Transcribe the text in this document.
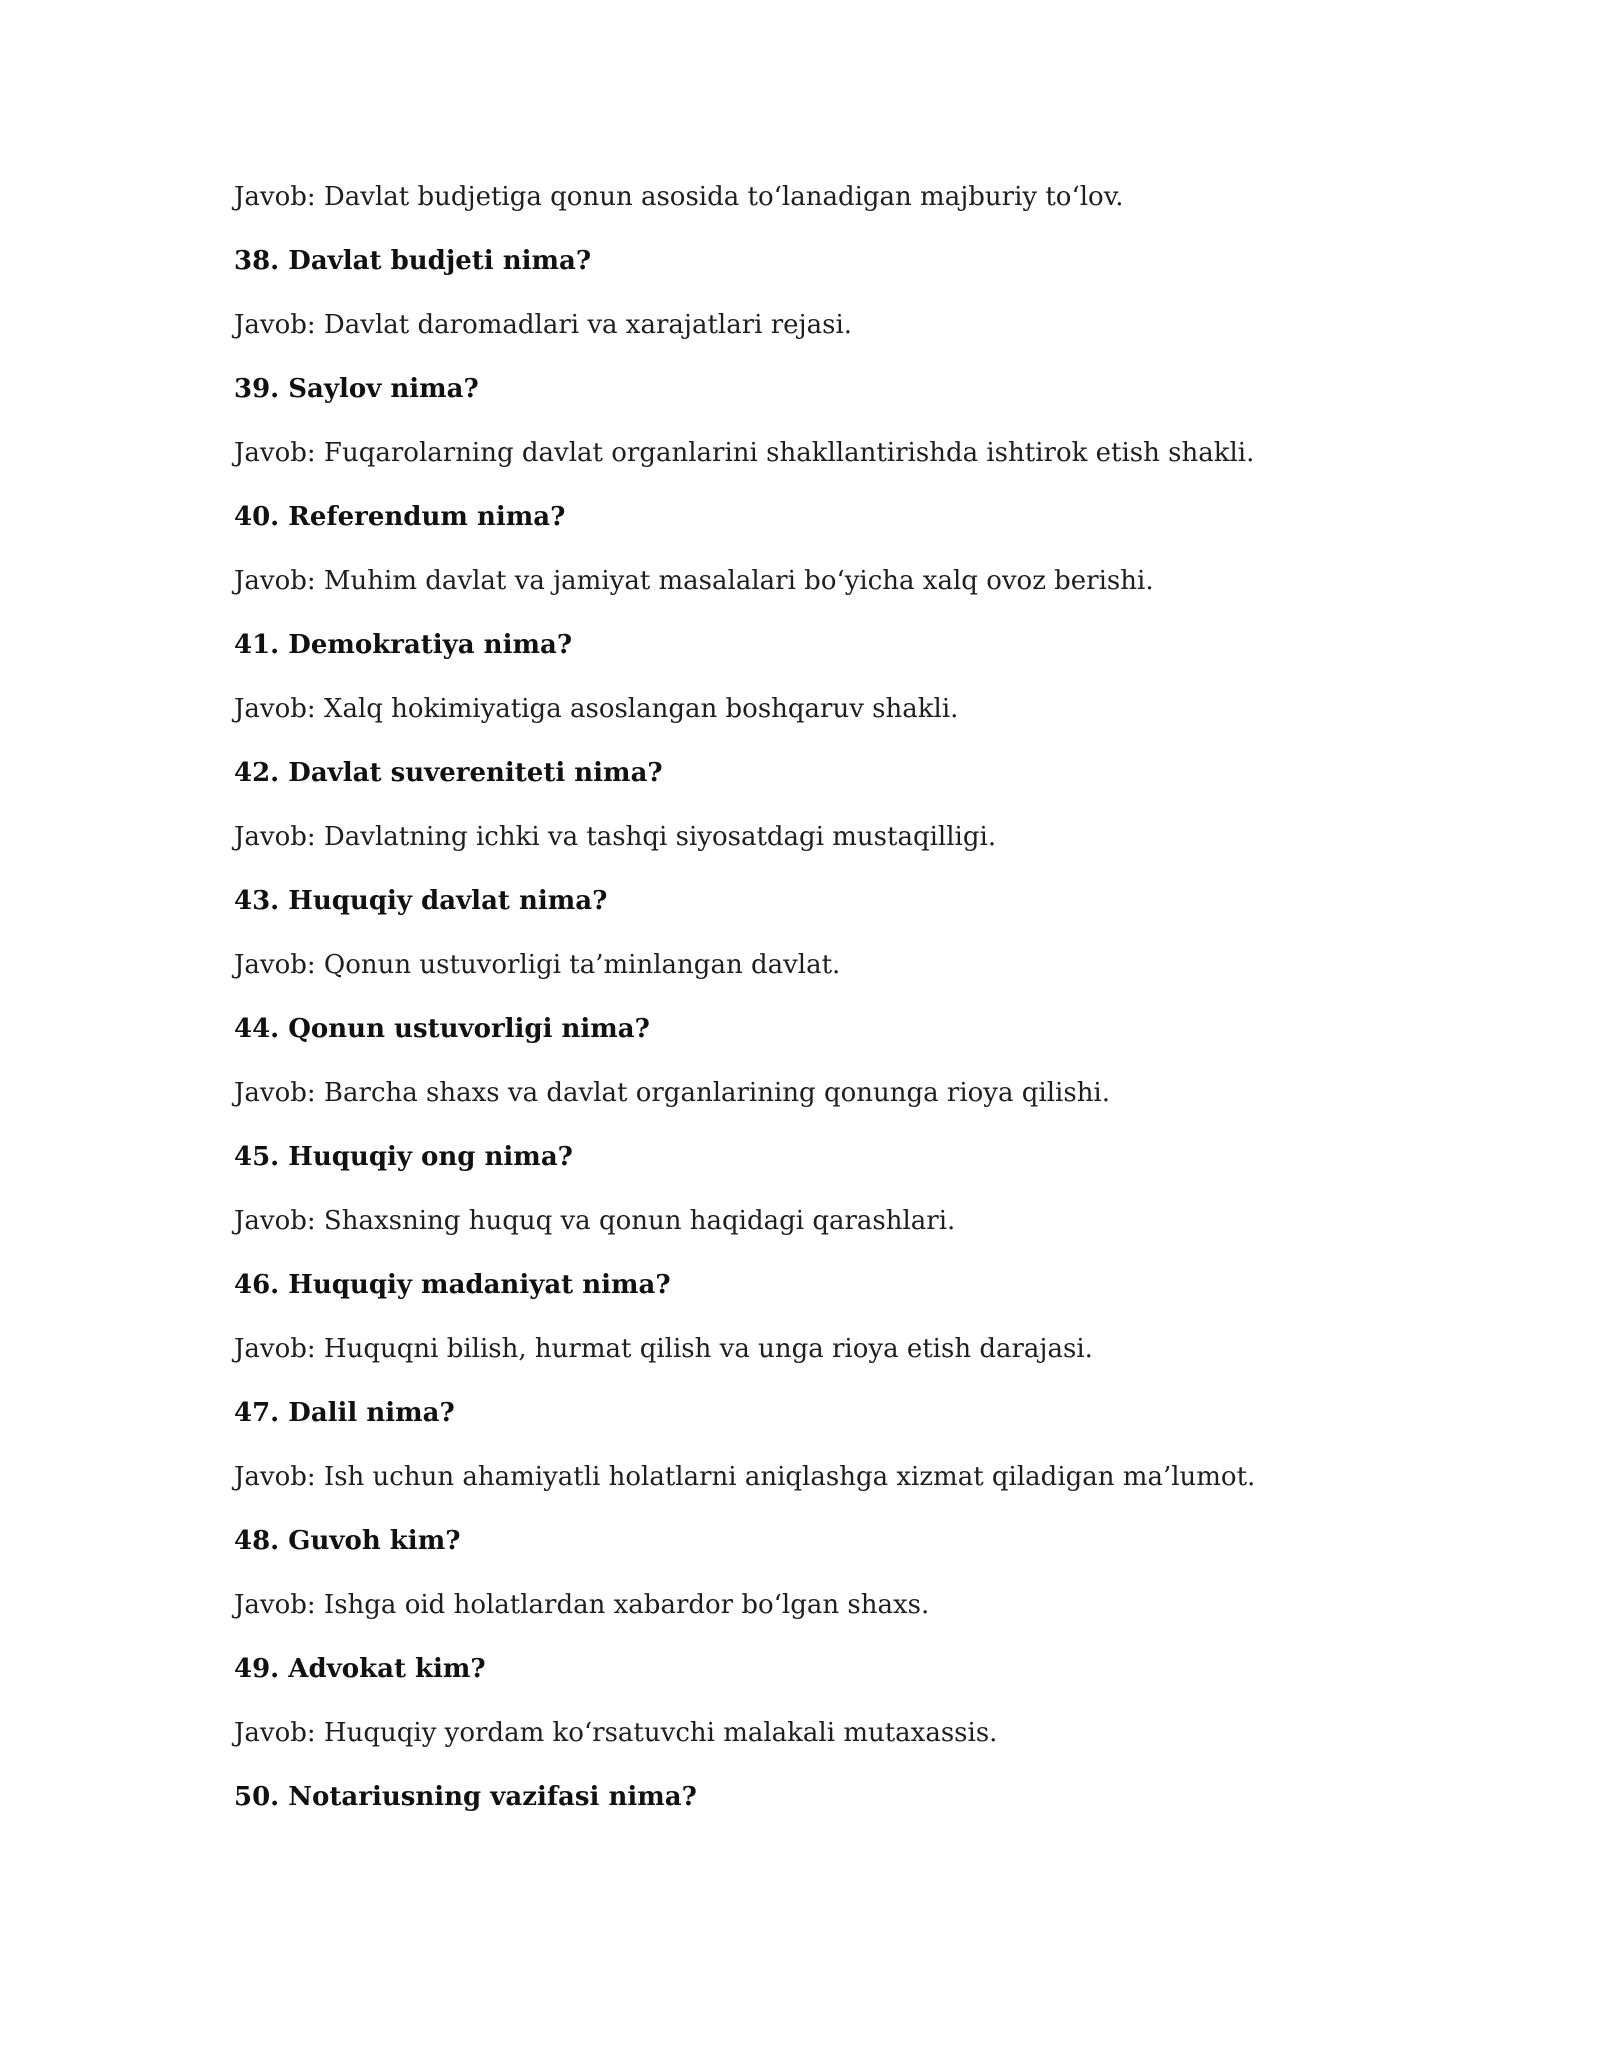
Javob: Davlat budjetiga qonun asosida to‘lanadigan majburiy to‘lov.

38. Davlat budjeti nima?

Javob: Davlat daromadlari va xarajatlari rejasi.

39. Saylov nima?

Javob: Fuqarolarning davlat organlarini shakllantirishda ishtirok etish shakli.

40. Referendum nima?

Javob: Muhim davlat va jamiyat masalalari bo‘yicha xalq ovoz berishi.

41. Demokratiya nima?

Javob: Xalq hokimiyatiga asoslangan boshqaruv shakli.

42. Davlat suvereniteti nima?

Javob: Davlatning ichki va tashqi siyosatdagi mustaqilligi.

43. Huquqiy davlat nima?

Javob: Qonun ustuvorligi ta’minlangan davlat.

44. Qonun ustuvorligi nima?

Javob: Barcha shaxs va davlat organlarining qonunga rioya qilishi.

45. Huquqiy ong nima?

Javob: Shaxsning huquq va qonun haqidagi qarashlari.

46. Huquqiy madaniyat nima?

Javob: Huquqni bilish, hurmat qilish va unga rioya etish darajasi.

47. Dalil nima?

Javob: Ish uchun ahamiyatli holatlarni aniqlashga xizmat qiladigan ma’lumot.

48. Guvoh kim?

Javob: Ishga oid holatlardan xabardor bo‘lgan shaxs.

49. Advokat kim?

Javob: Huquqiy yordam ko‘rsatuvchi malakali mutaxassis.

50. Notariusning vazifasi nima?
